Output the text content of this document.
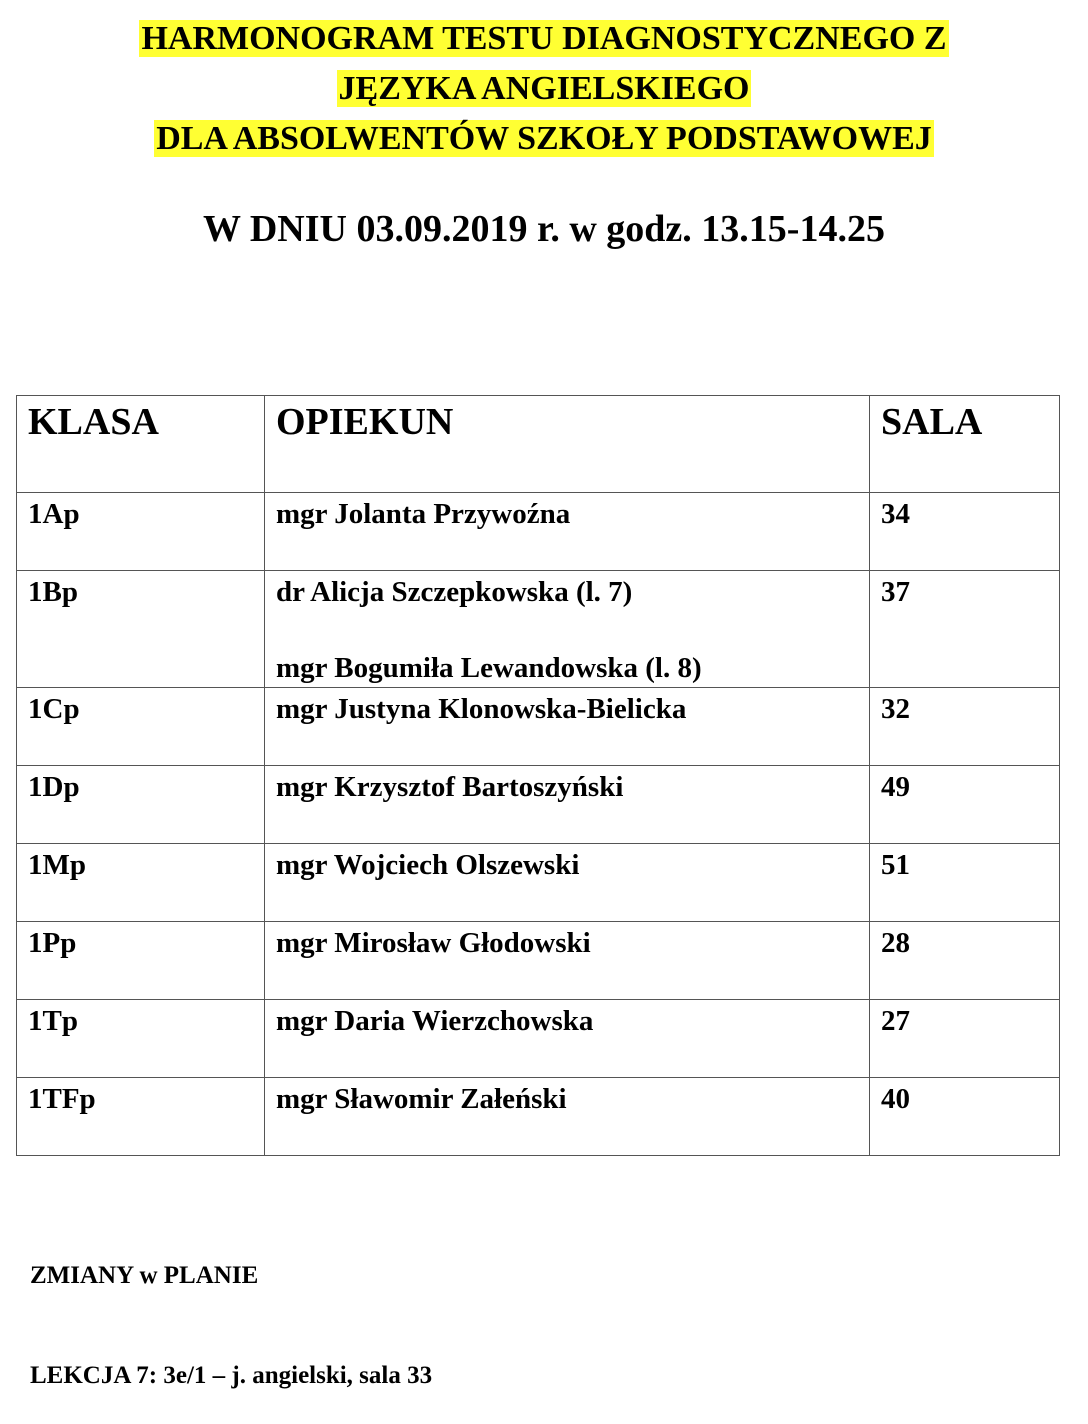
HARMONOGRAM TESTU DIAGNOSTYCZNEGO Z
JĘZYKA ANGIELSKIEGO
DLA ABSOLWENTÓW SZKOŁY PODSTAWOWEJ
W DNIU 03.09.2019 r. w godz. 13.15-14.25
KLASA	OPIEKUN	SALA

1Ap	mgr Jolanta Przywoźna	34

1Bp	dr Alicja Szczepkowska (l. 7)
mgr Bogumiła Lewandowska (l. 8)	37

1Cp	mgr Justyna Klonowska-Bielicka	32

1Dp	mgr Krzysztof Bartoszyński	49

1Mp	mgr Wojciech Olszewski	51

1Pp	mgr Mirosław Głodowski	28

1Tp	mgr Daria Wierzchowska	27

1TFp	mgr Sławomir Załeński	40
ZMIANY w PLANIE
LEKCJA 7: 3e/1 – j. angielski, sala 33
